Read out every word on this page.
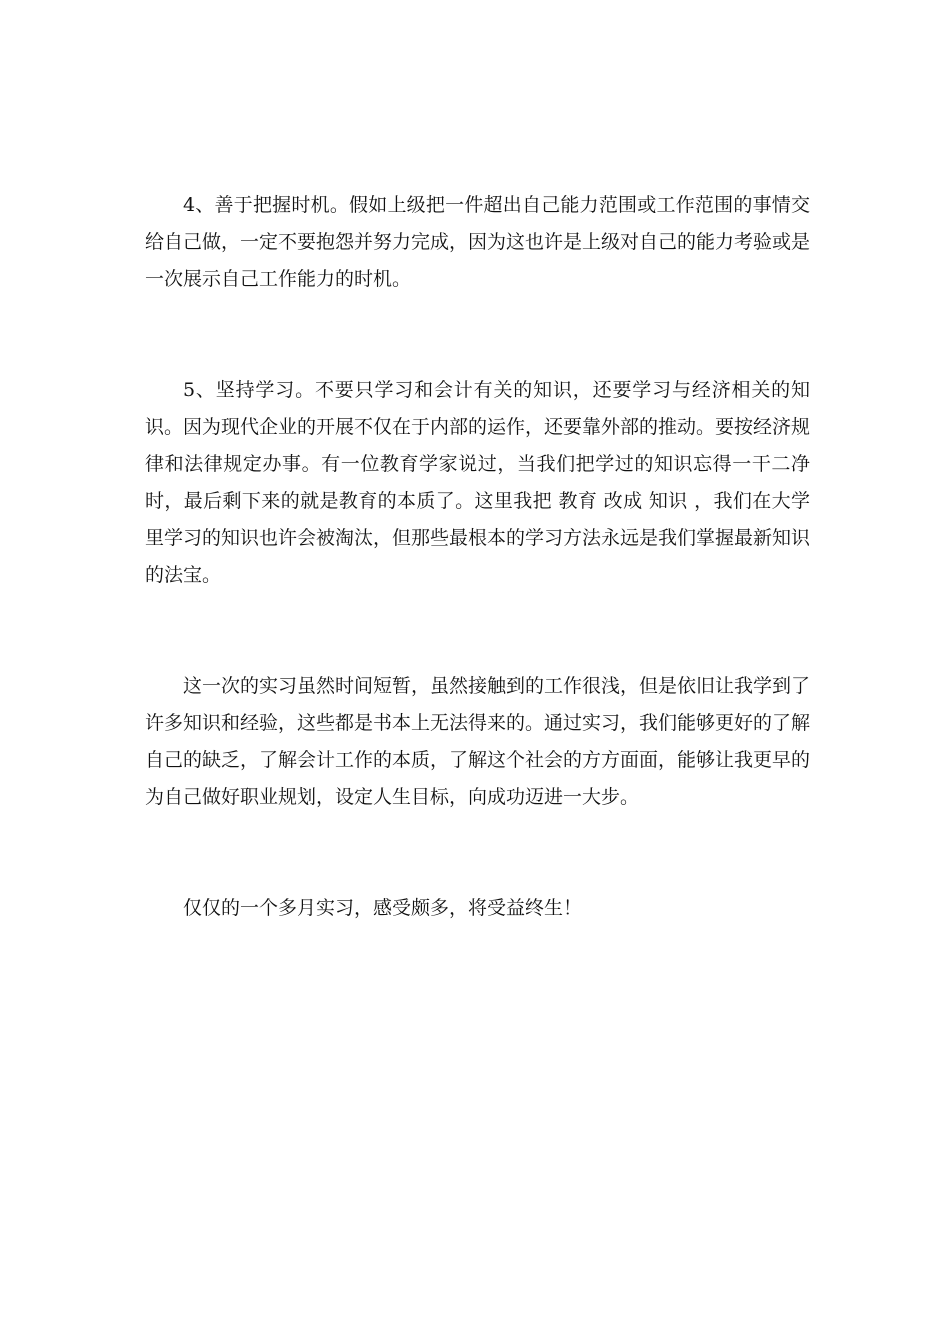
4、善于把握时机。假如上级把一件超出自己能力范围或工作范围的事情交给自己做，一定不要抱怨并努力完成，因为这也许是上级对自己的能力考验或是一次展示自己工作能力的时机。

5、坚持学习。不要只学习和会计有关的知识，还要学习与经济相关的知识。因为现代企业的开展不仅在于内部的运作，还要靠外部的推动。要按经济规律和法律规定办事。有一位教育学家说过，当我们把学过的知识忘得一干二净时，最后剩下来的就是教育的本质了。这里我把 教育 改成 知识 ，我们在大学里学习的知识也许会被淘汰，但那些最根本的学习方法永远是我们掌握最新知识的法宝。

这一次的实习虽然时间短暂，虽然接触到的工作很浅，但是依旧让我学到了许多知识和经验，这些都是书本上无法得来的。通过实习，我们能够更好的了解自己的缺乏，了解会计工作的本质，了解这个社会的方方面面，能够让我更早的为自己做好职业规划，设定人生目标，向成功迈进一大步。

仅仅的一个多月实习，感受颇多，将受益终生！
